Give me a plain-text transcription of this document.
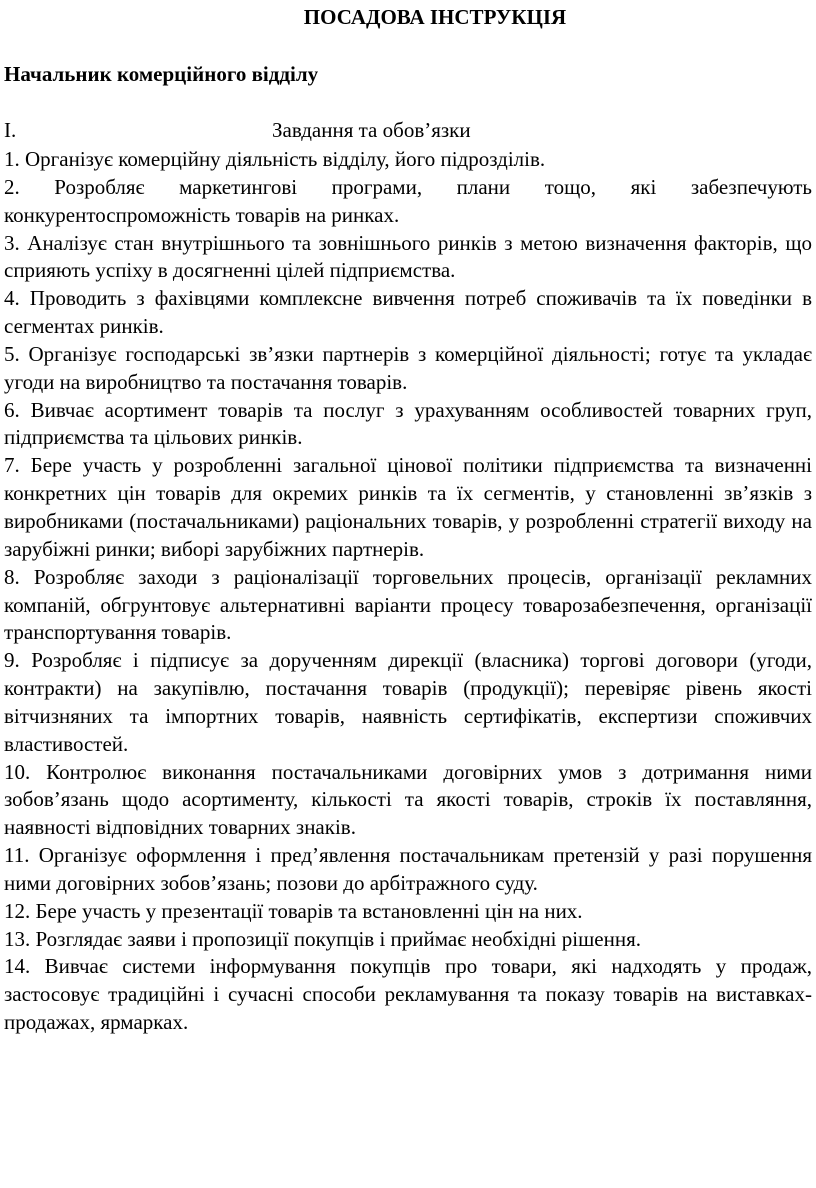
ПОСАДОВА ІНСТРУКЦІЯ
Начальник комерційного відділу
I.	Завдання та обов’язки

1. Організує комерційну діяльність відділу, його підрозділів.

2. Розробляє маркетингові програми, плани тощо, які забезпечують конкурентоспроможність товарів на ринках.

3. Аналізує стан внутрішнього та зовнішнього ринків з метою визначення факторів, що сприяють успіху в досягненні цілей підприємства.

4. Проводить з фахівцями комплексне вивчення потреб споживачів та їх поведінки в сегментах ринків.

5. Організує господарські зв’язки партнерів з комерційної діяльності; готує та укладає угоди на виробництво та постачання товарів.

6. Вивчає асортимент товарів та послуг з урахуванням особливостей товарних груп, підприємства та цільових ринків.

7. Бере участь у розробленні загальної цінової політики підприємства та визначенні конкретних цін товарів для окремих ринків та їх сегментів, у становленні зв’язків з виробниками (постачальниками) раціональних товарів, у розробленні стратегії виходу на зарубіжні ринки; виборі зарубіжних партнерів.

8. Розробляє заходи з раціоналізації торговельних процесів, організації рекламних компаній, обгрунтовує альтернативні варіанти процесу товарозабезпечення, організації транспортування товарів.

9. Розробляє і підписує за дорученням дирекції (власника) торгові договори (угоди, контракти) на закупівлю, постачання товарів (продукції); перевіряє рівень якості вітчизняних та імпортних товарів, наявність сертифікатів, експертизи споживчих властивостей.

10. Контролює виконання постачальниками договірних умов з дотримання ними зобов’язань щодо асортименту, кількості та якості товарів, строків їх поставляння, наявності відповідних товарних знаків.

11. Організує оформлення і пред’явлення постачальникам претензій у разі порушення ними договірних зобов’язань; позови до арбітражного суду.

12. Бере участь у презентації товарів та встановленні цін на них.

13. Розглядає заяви і пропозиції покупців і приймає необхідні рішення.

14. Вивчає системи інформування покупців про товари, які надходять у продаж, застосовує традиційні і сучасні способи рекламування та показу товарів на виставках-продажах, ярмарках.
